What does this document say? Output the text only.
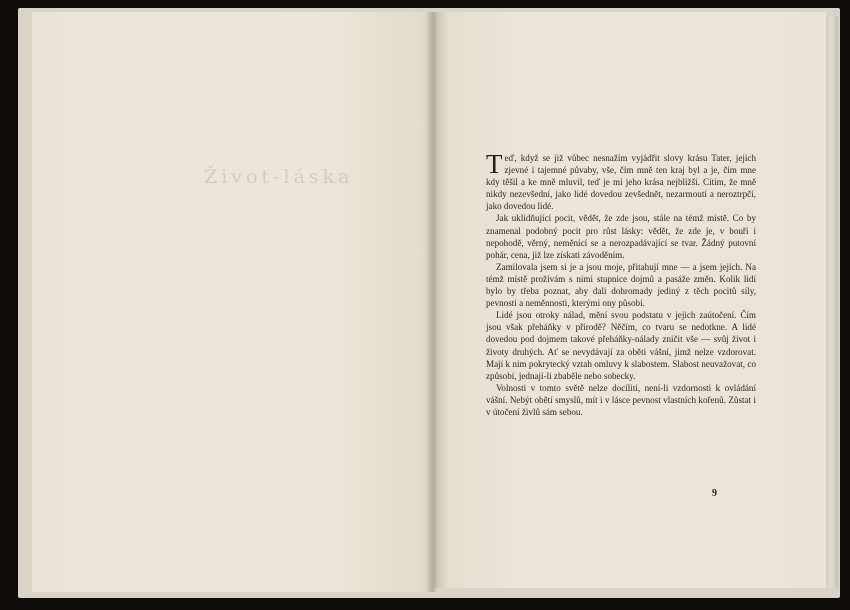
Život-láska	Teď, když se již vůbec nesnažím vyjádřit slovy krásu Tater, jejich zjevné i tajemné půvaby, vše, čím mně ten kraj byl a je, čím mne kdy těšil a ke mně mluvil, teď je mi jeho krása nejbližší. Cítím, že mně nikdy nezevšední, jako lidé dovedou zevšednět, nezarmoutí a neroztrpčí, jako dovedou lidé.

Jak uklidňující pocit, vědět, že zde jsou, stále na témž místě. Co by znamenal podobný pocit pro růst lásky: vědět, že zde je, v bouři i nepohodě, věrný, neměnící se a nerozpadávající se tvar. Žádný putovní pohár, cena, již lze získati závoděním.

Zamilovala jsem si je a jsou moje, přitahují mne — a jsem jejich. Na témž místě prožívám s nimi stupnice dojmů a pasáže změn. Kolik lidí bylo by třeba poznat, aby dali dohromady jediný z těch pocitů síly, pevnosti a neměnnosti, kterými ony působí.

Lidé jsou otroky nálad, mění svou podstatu v jejich zaútočení. Čím jsou však přeháňky v přírodě? Něčím, co tvaru se nedotkne. A lidé dovedou pod dojmem takové přeháňky-nálady zničit vše — svůj život i životy druhých. Ať se nevydávají za oběti vášní, jimž nelze vzdorovat. Mají k nim pokrytecký vztah omluvy k slabostem. Slabost neuvažovat, co způsobí, jednají-li zbaběle nebo sobecky.

Volnosti v tomto světě nelze docíliti, není-li vzdornosti k ovládání vášní. Nebýt obětí smyslů, mít i v lásce pevnost vlastních kořenů. Zůstat i v útočení živlů sám sebou.

9
